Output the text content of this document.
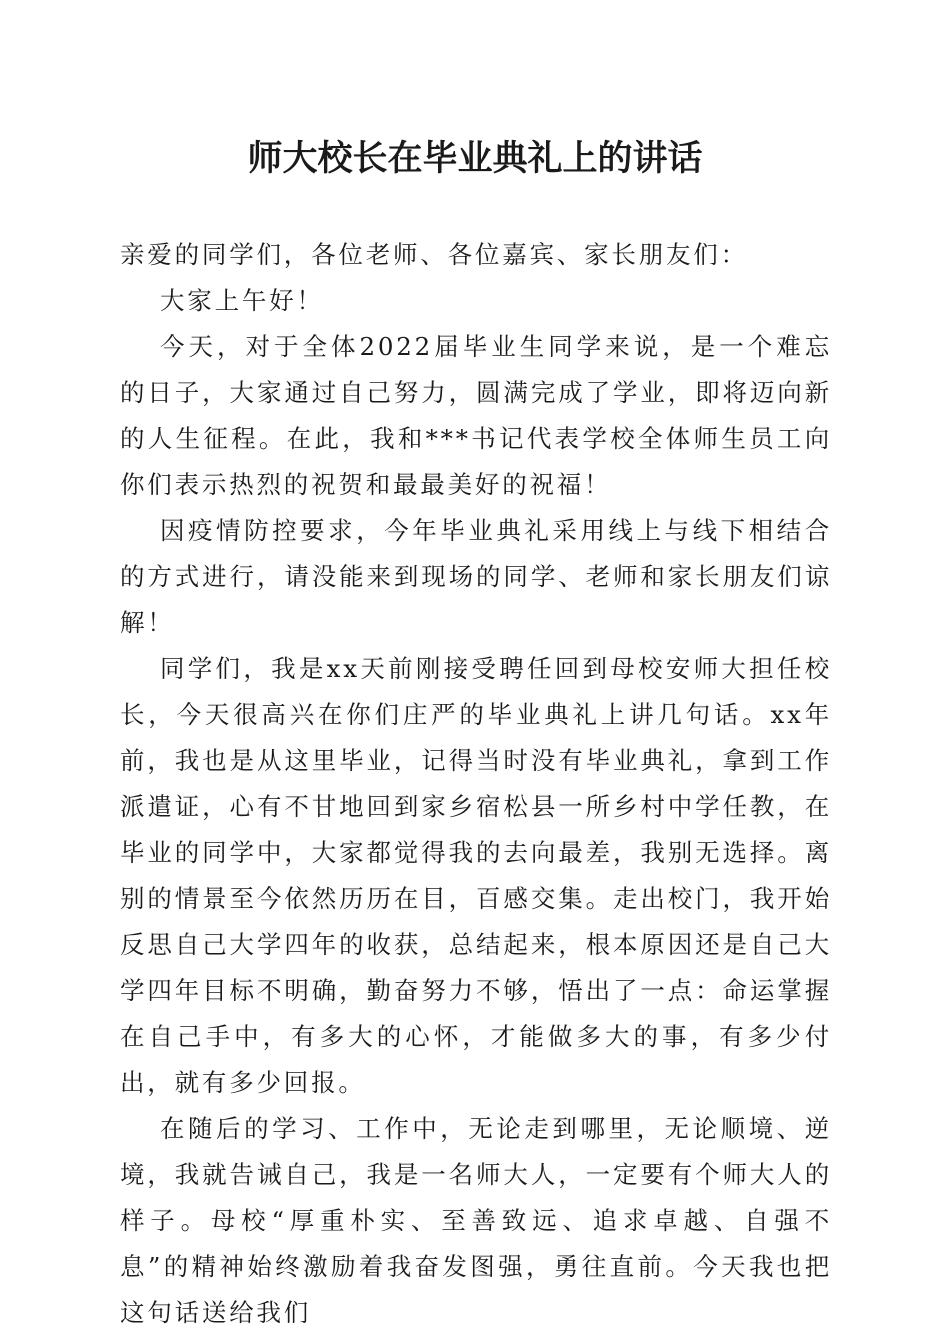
师大校长在毕业典礼上的讲话

亲爱的同学们，各位老师、各位嘉宾、家长朋友们：

大家上午好！

今天，对于全体2022届毕业生同学来说，是一个难忘的日子，大家通过自己努力，圆满完成了学业，即将迈向新的人生征程。在此，我和***书记代表学校全体师生员工向你们表示热烈的祝贺和最最美好的祝福！

因疫情防控要求，今年毕业典礼采用线上与线下相结合的方式进行，请没能来到现场的同学、老师和家长朋友们谅解！

同学们，我是xx天前刚接受聘任回到母校安师大担任校长，今天很高兴在你们庄严的毕业典礼上讲几句话。xx年前，我也是从这里毕业，记得当时没有毕业典礼，拿到工作派遣证，心有不甘地回到家乡宿松县一所乡村中学任教，在毕业的同学中，大家都觉得我的去向最差，我别无选择。离别的情景至今依然历历在目，百感交集。走出校门，我开始反思自己大学四年的收获，总结起来，根本原因还是自己大学四年目标不明确，勤奋努力不够，悟出了一点：命运掌握在自己手中，有多大的心怀，才能做多大的事，有多少付出，就有多少回报。

在随后的学习、工作中，无论走到哪里，无论顺境、逆境，我就告诫自己，我是一名师大人，一定要有个师大人的样子。母校“厚重朴实、至善致远、追求卓越、自强不息”的精神始终激励着我奋发图强，勇往直前。今天我也把这句话送给我们
